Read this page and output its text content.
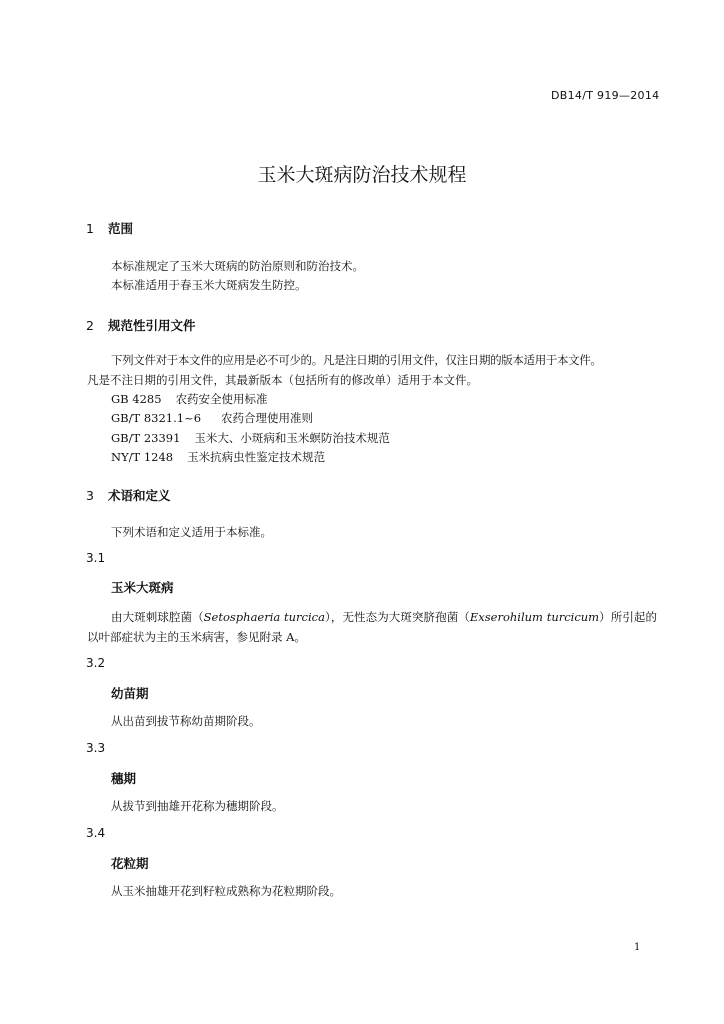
DB14/T 919—2014
玉米大斑病防治技术规程
1 范围
本标准规定了玉米大斑病的防治原则和防治技术。
本标准适用于春玉米大斑病发生防控。
2 规范性引用文件
下列文件对于本文件的应用是必不可少的。凡是注日期的引用文件，仅注日期的版本适用于本文件。
凡是不注日期的引用文件，其最新版本（包括所有的修改单）适用于本文件。
GB 4285 农药安全使用标准
GB/T 8321.1~6 农药合理使用准则
GB/T 23391 玉米大、小斑病和玉米螟防治技术规范
NY/T 1248 玉米抗病虫性鉴定技术规范
3 术语和定义
下列术语和定义适用于本标准。
3.1
玉米大斑病
由大斑刺球腔菌（Setosphaeria turcica），无性态为大斑突脐孢菌（Exserohilum turcicum）所引起的以叶部症状为主的玉米病害，参见附录 A。
3.2
幼苗期
从出苗到拔节称幼苗期阶段。
3.3
穗期
从拔节到抽雄开花称为穗期阶段。
3.4
花粒期
从玉米抽雄开花到籽粒成熟称为花粒期阶段。
1
